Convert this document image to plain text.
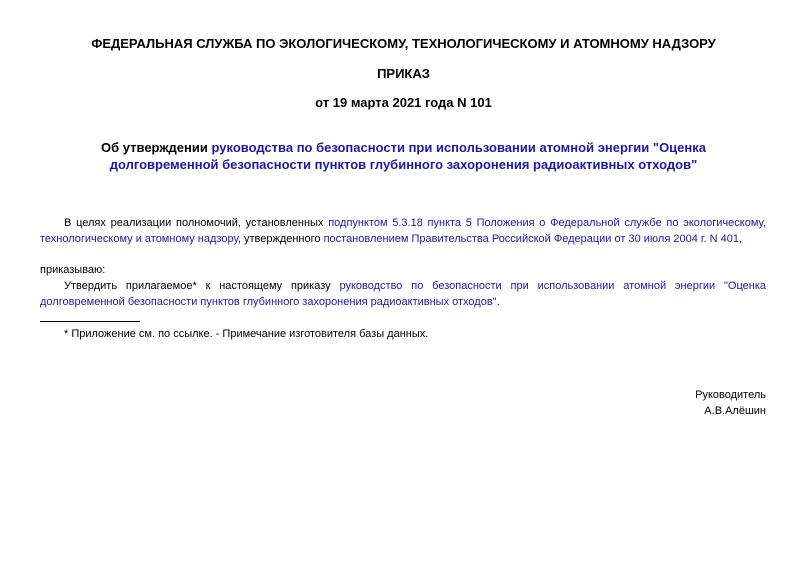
ФЕДЕРАЛЬНАЯ СЛУЖБА ПО ЭКОЛОГИЧЕСКОМУ, ТЕХНОЛОГИЧЕСКОМУ И АТОМНОМУ НАДЗОРУ
ПРИКАЗ
от 19 марта 2021 года N 101
Об утверждении руководства по безопасности при использовании атомной энергии "Оценка долговременной безопасности пунктов глубинного захоронения радиоактивных отходов"
В целях реализации полномочий, установленных подпунктом 5.3.18 пункта 5 Положения о Федеральной службе по экологическому, технологическому и атомному надзору, утвержденного постановлением Правительства Российской Федерации от 30 июля 2004 г. N 401,
приказываю:
Утвердить прилагаемое* к настоящему приказу руководство по безопасности при использовании атомной энергии "Оценка долговременной безопасности пунктов глубинного захоронения радиоактивных отходов".
* Приложение см. по ссылке. - Примечание изготовителя базы данных.
Руководитель
А.В.Алёшин
